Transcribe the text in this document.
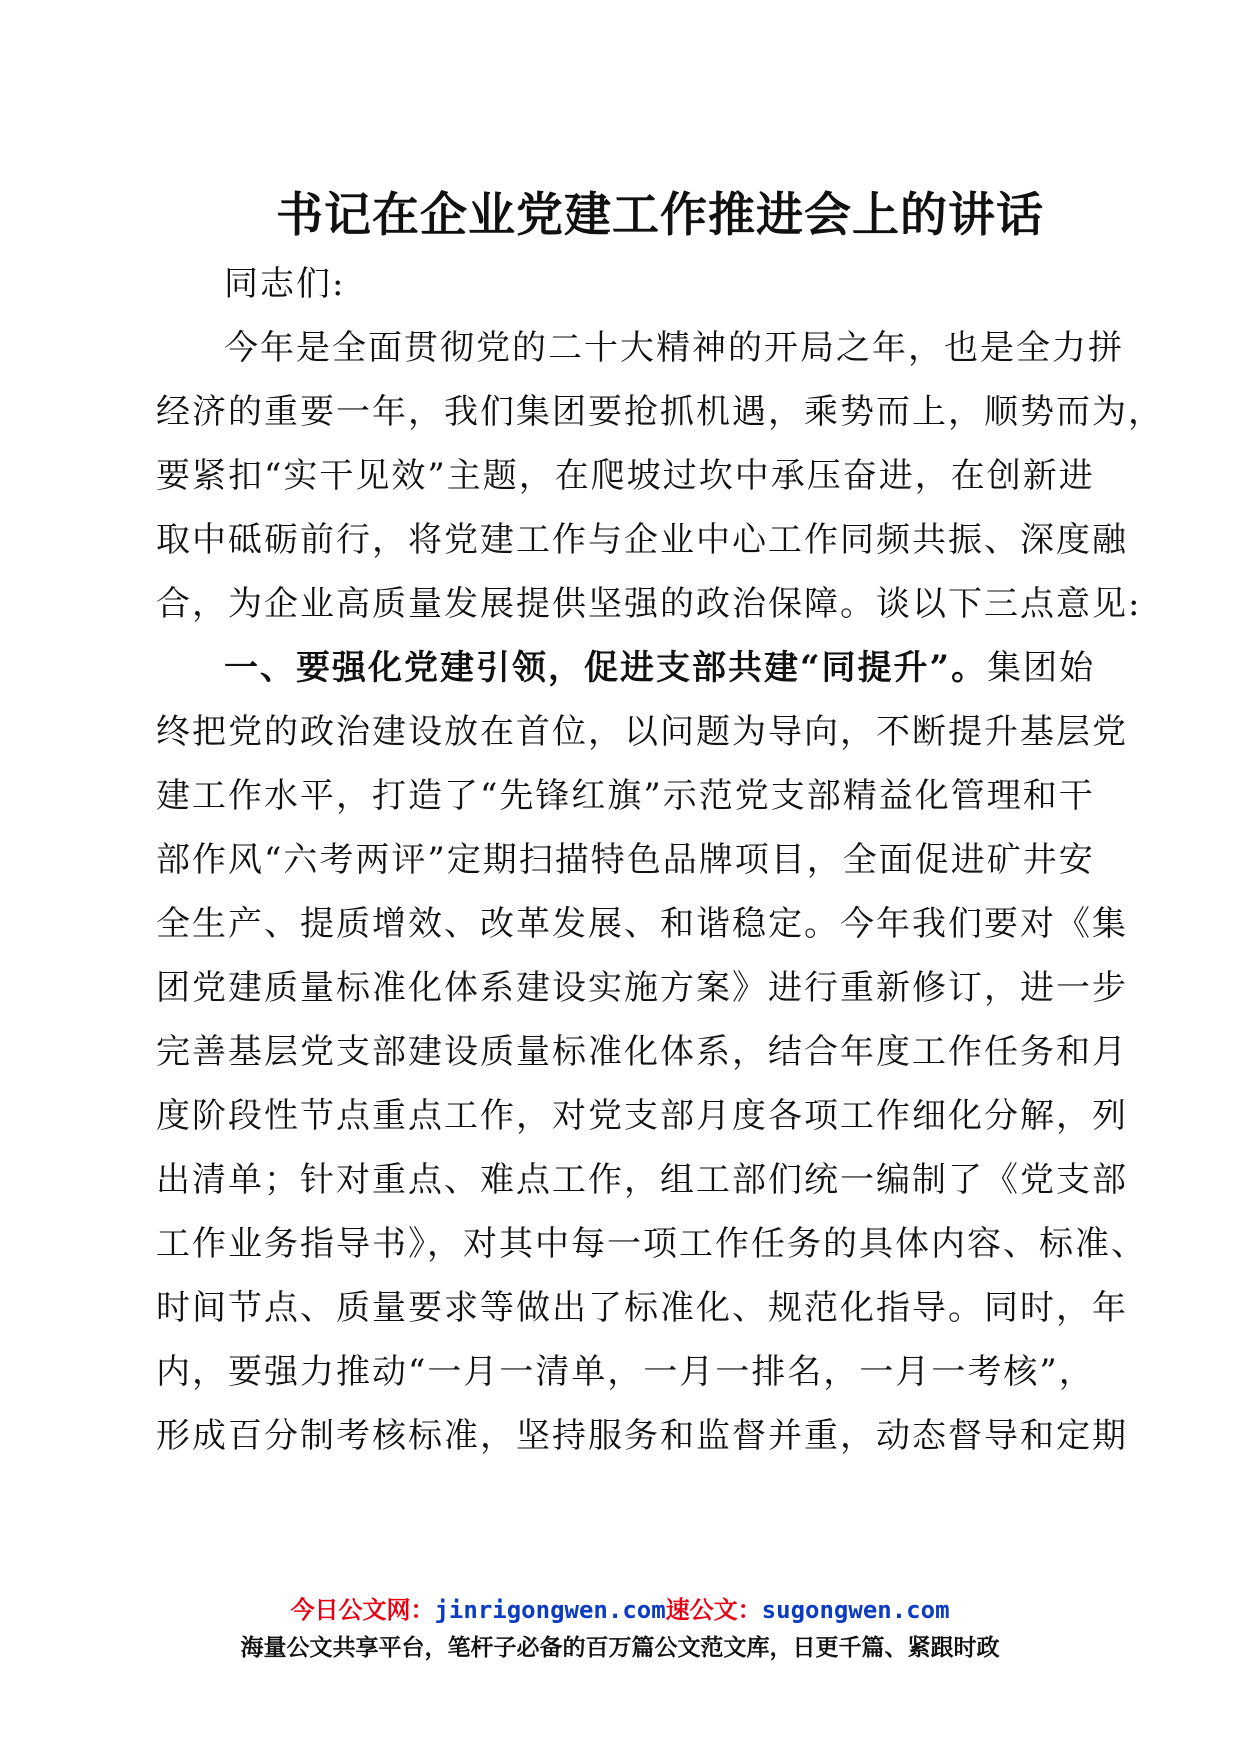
书记在企业党建工作推进会上的讲话
同志们:
今年是全面贯彻党的二十大精神的开局之年，也是全力拼
经济的重要一年，我们集团要抢抓机遇，乘势而上，顺势而为，
要紧扣“实干见效”主题，在爬坡过坎中承压奋进，在创新进
取中砥砺前行，将党建工作与企业中心工作同频共振、深度融
合，为企业高质量发展提供坚强的政治保障。谈以下三点意见:
一、要强化党建引领，促进支部共建“同提升”。集团始
终把党的政治建设放在首位，以问题为导向，不断提升基层党
建工作水平，打造了“先锋红旗”示范党支部精益化管理和干
部作风“六考两评”定期扫描特色品牌项目，全面促进矿井安
全生产、提质增效、改革发展、和谐稳定。今年我们要对《集
团党建质量标准化体系建设实施方案》进行重新修订，进一步
完善基层党支部建设质量标准化体系，结合年度工作任务和月
度阶段性节点重点工作，对党支部月度各项工作细化分解，列
出清单；针对重点、难点工作，组工部们统一编制了《党支部
工作业务指导书》，对其中每一项工作任务的具体内容、标准、
时间节点、质量要求等做出了标准化、规范化指导。同时，年
内，要强力推动“一月一清单，一月一排名，一月一考核”，
形成百分制考核标准，坚持服务和监督并重，动态督导和定期
今日公文网：jinrigongwen.com速公文：sugongwen.com
海量公文共享平台，笔杆子必备的百万篇公文范文库，日更千篇、紧跟时政
